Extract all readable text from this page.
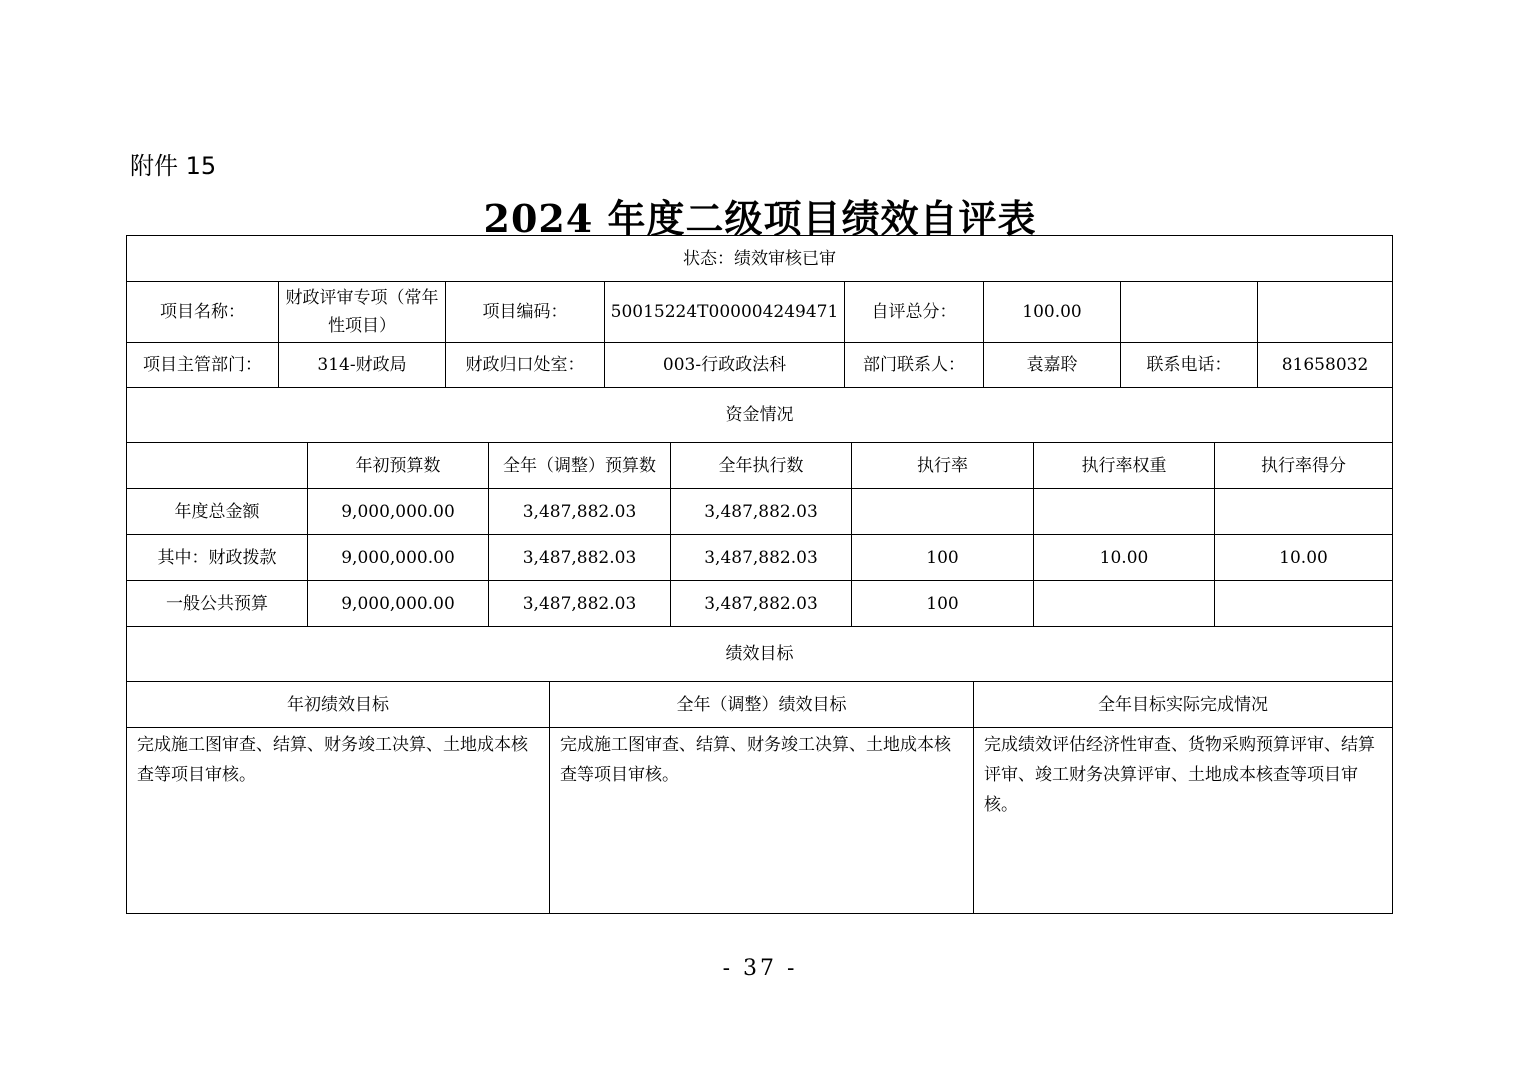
附件 15
2024 年度二级项目绩效自评表
状态：绩效审核已审							
项目名称：	财政评审专项（常年性项目）	项目编码：	50015224T000004249471	自评总分：	100.00		
项目主管部门：	314-财政局	财政归口处室：	003-行政政法科	部门联系人：	袁嘉聆	联系电话：	81658032
资金情况							
	年初预算数	全年（调整）预算数	全年执行数	执行率	执行率权重	执行率得分
年度总金额	9,000,000.00	3,487,882.03	3,487,882.03			
其中：财政拨款	9,000,000.00	3,487,882.03	3,487,882.03	100	10.00	10.00
一般公共预算	9,000,000.00	3,487,882.03	3,487,882.03	100		
绩效目标						
年初绩效目标	全年（调整）绩效目标	全年目标实际完成情况
完成施工图审查、结算、财务竣工决算、土地成本核查等项目审核。	完成施工图审查、结算、财务竣工决算、土地成本核查等项目审核。	完成绩效评估经济性审查、货物采购预算评审、结算评审、竣工财务决算评审、土地成本核查等项目审核。
- 37 -
